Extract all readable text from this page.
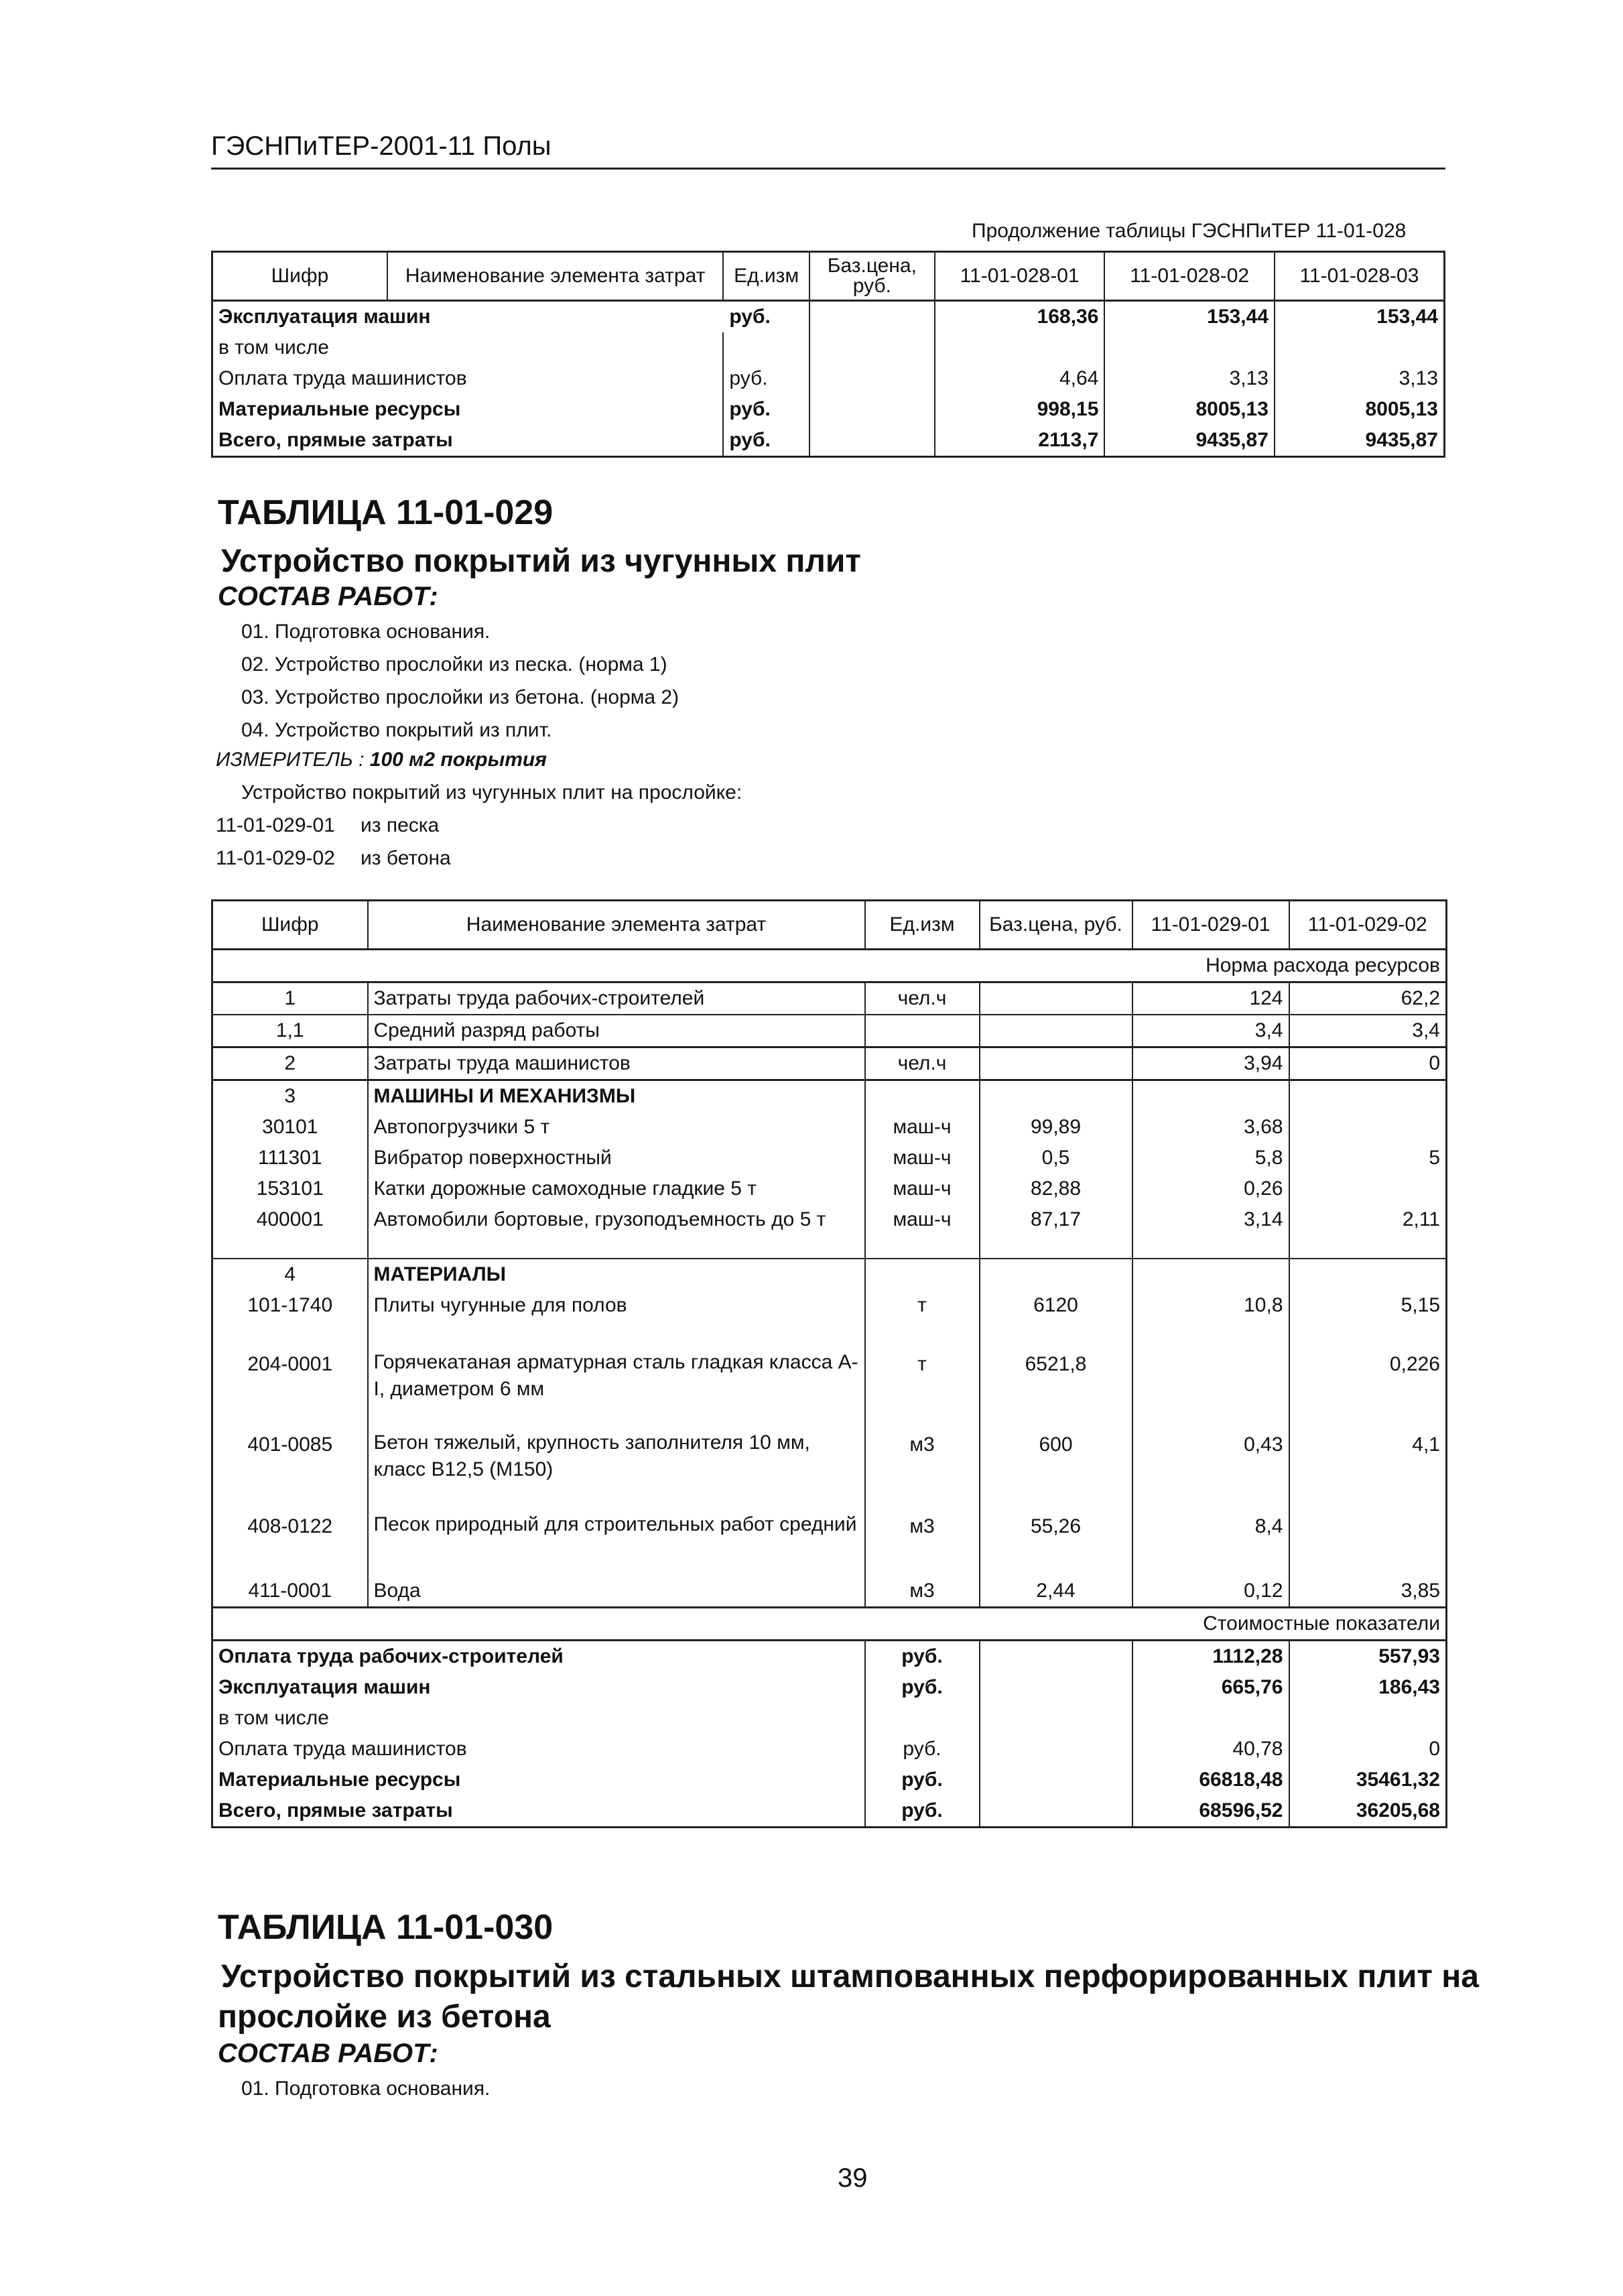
ГЭСНПиТЕР-2001-11 Полы
Продолжение таблицы ГЭСНПиТЕР 11-01-028
Шифр	Наименование элемента затрат	Ед.изм	Баз.цена, руб.	11-01-028-01	11-01-028-02	11-01-028-03
Эксплуатация машин		руб.		168,36	153,44	153,44
в том числе						
Оплата труда машинистов		руб.		4,64	3,13	3,13
Материальные ресурсы		руб.		998,15	8005,13	8005,13
Всего, прямые затраты		руб.		2113,7	9435,87	9435,87
ТАБЛИЦА 11-01-029
Устройство покрытий из чугунных плит
СОСТАВ РАБОТ:
01. Подготовка основания.
02. Устройство прослойки из песка. (норма 1)
03. Устройство прослойки из бетона. (норма 2)
04. Устройство покрытий из плит.
ИЗМЕРИТЕЛЬ : 100 м2 покрытия
Устройство покрытий из чугунных плит на прослойке:
11-01-029-01 из песка
11-01-029-02 из бетона
Шифр	Наименование элемента затрат	Ед.изм	Баз.цена, руб.	11-01-029-01	11-01-029-02
Норма расхода ресурсов					
1	Затраты труда рабочих-строителей	чел.ч		124	62,2
1,1	Средний разряд работы			3,4	3,4
2	Затраты труда машинистов	чел.ч		3,94	0
3	МАШИНЫ И МЕХАНИЗМЫ				
30101	Автопогрузчики 5 т	маш-ч	99,89	3,68	
111301	Вибратор поверхностный	маш-ч	0,5	5,8	5
153101	Катки дорожные самоходные гладкие 5 т	маш-ч	82,88	0,26	
400001	Автомобили бортовые, грузоподъемность до 5 т	маш-ч	87,17	3,14	2,11
4	МАТЕРИАЛЫ				
101-1740	Плиты чугунные для полов	т	6120	10,8	5,15
204-0001	Горячекатаная арматурная сталь гладкая класса А-I, диаметром 6 мм	т	6521,8		0,226
401-0085	Бетон тяжелый, крупность заполнителя 10 мм, класс В12,5 (М150)	м3	600	0,43	4,1
408-0122	Песок природный для строительных работ средний	м3	55,26	8,4	
411-0001	Вода	м3	2,44	0,12	3,85
Стоимостные показатели					
Оплата труда рабочих-строителей		руб.		1112,28	557,93
Эксплуатация машин		руб.		665,76	186,43
в том числе					
Оплата труда машинистов		руб.		40,78	0
Материальные ресурсы		руб.		66818,48	35461,32
Всего, прямые затраты		руб.		68596,52	36205,68
ТАБЛИЦА 11-01-030
Устройство покрытий из стальных штампованных перфорированных плит на
прослойке из бетона
СОСТАВ РАБОТ:
01. Подготовка основания.
39
